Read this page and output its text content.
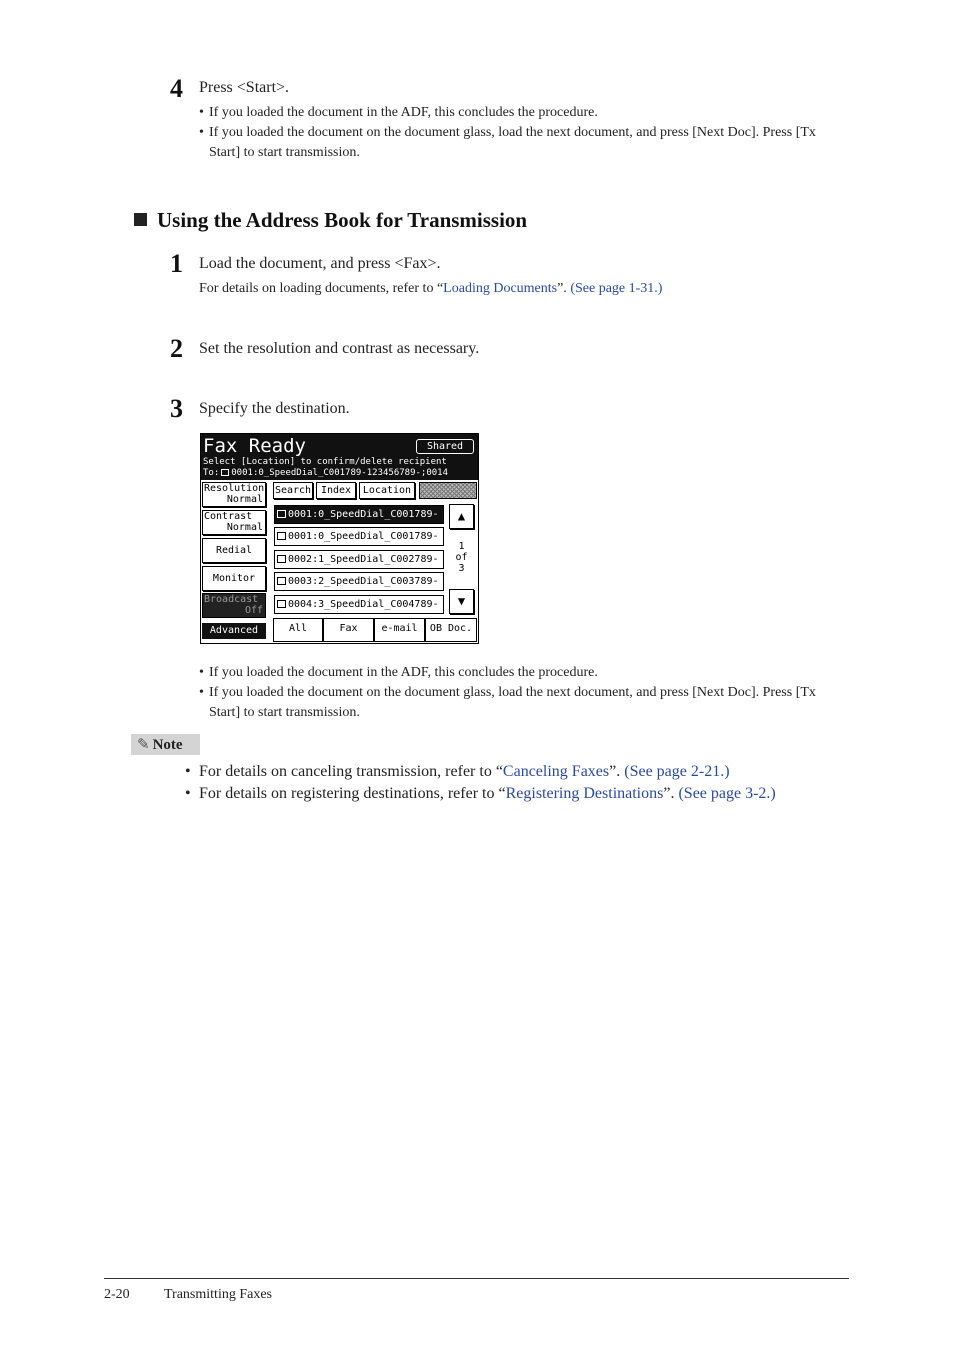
4 Press <Start>.
• If you loaded the document in the ADF, this concludes the procedure.
• If you loaded the document on the document glass, load the next document, and press [Next Doc]. Press [Tx Start] to start transmission.
Using the Address Book for Transmission
1 Load the document, and press <Fax>.
For details on loading documents, refer to “Loading Documents”. (See page 1-31.)
2 Set the resolution and contrast as necessary.
3 Specify the destination.
Fax Ready	Shared
Select [Location] to confirm/delete recipient
To: 0001:0_SpeedDial_C001789-123456789-;0014
Resolution
Normal
Contrast
Normal
Redial
Monitor
Broadcast
Off
Advanced
Search Index	Location
0001:0_SpeedDial_C001789-
0001:0_SpeedDial_C001789-
0002:1_SpeedDial_C002789-
0003:2_SpeedDial_C003789-
0004:3_SpeedDial_C004789-
▲
1
of
3
▼
All	Fax	e-mail	OB Doc.
• If you loaded the document in the ADF, this concludes the procedure.
• If you loaded the document on the document glass, load the next document, and press [Next Doc]. Press [Tx Start] to start transmission.
✎ Note
• For details on canceling transmission, refer to “Canceling Faxes”. (See page 2-21.)
• For details on registering destinations, refer to “Registering Destinations”. (See page 3-2.)
2-20 Transmitting Faxes
